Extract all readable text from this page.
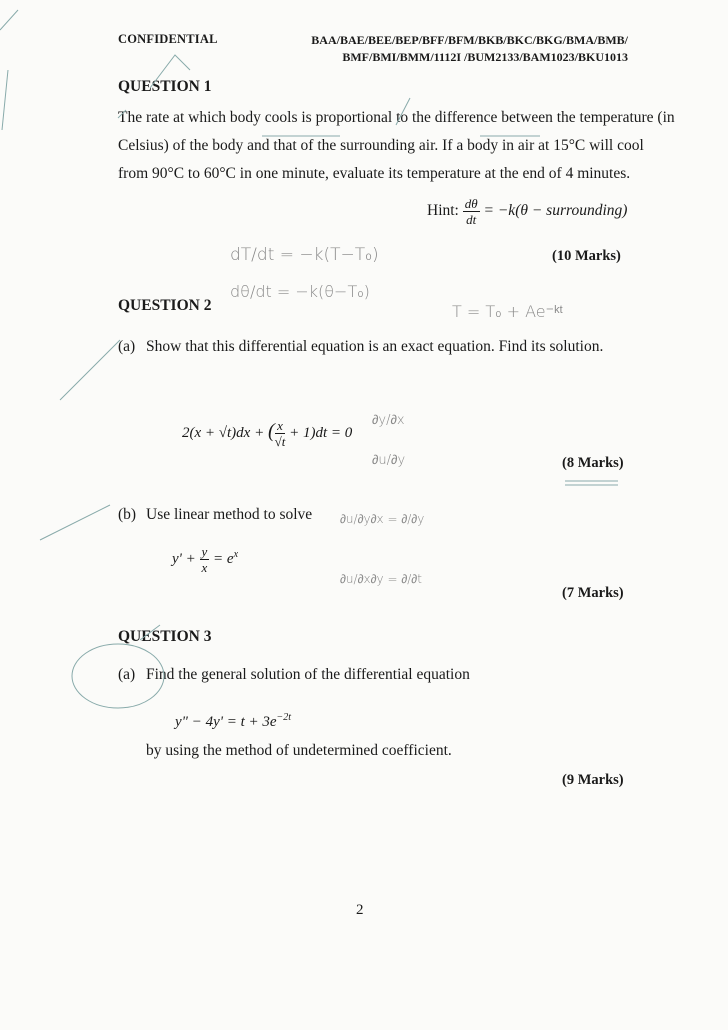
CONFIDENTIAL	BAA/BAE/BEE/BEP/BFF/BFM/BKB/BKC/BKG/BMA/BMB/
BMF/BMI/BMM/1112I /BUM2133/BAM1023/BKU1013
QUESTION 1
The rate at which body cools is proportional to the difference between the temperature (in
Celsius) of the body and that of the surrounding air. If a body in air at 15°C will cool
from 90°C to 60°C in one minute, evaluate its temperature at the end of 4 minutes.
Hint: $\frac{d\theta}{dt} = -k(\theta$ − surrounding)
(10 Marks)
dT/dt = −k(T−T₀)
dθ/dt = −k(θ−T₀)
T = T₀ + Ae⁻ᵏᵗ
QUESTION 2
(a) Show that this differential equation is an exact equation. Find its solution.
2(x + √t)dx + ( $\frac{x}{√t} + 1)dt = 0$
∂y/∂x
∂u/∂y	(8 Marks)
(b) Use linear method to solve
$y' + \frac{y}{x} = e^x$
∂u/∂y∂x = ∂/∂y
∂u/∂x∂y = ∂/∂t
(7 Marks)
QUESTION 3
(a) Find the general solution of the differential equation
y" − $4y' = t + 3e^{-2t}$
by using the method of undetermined coefficient.
(9 Marks)
2
